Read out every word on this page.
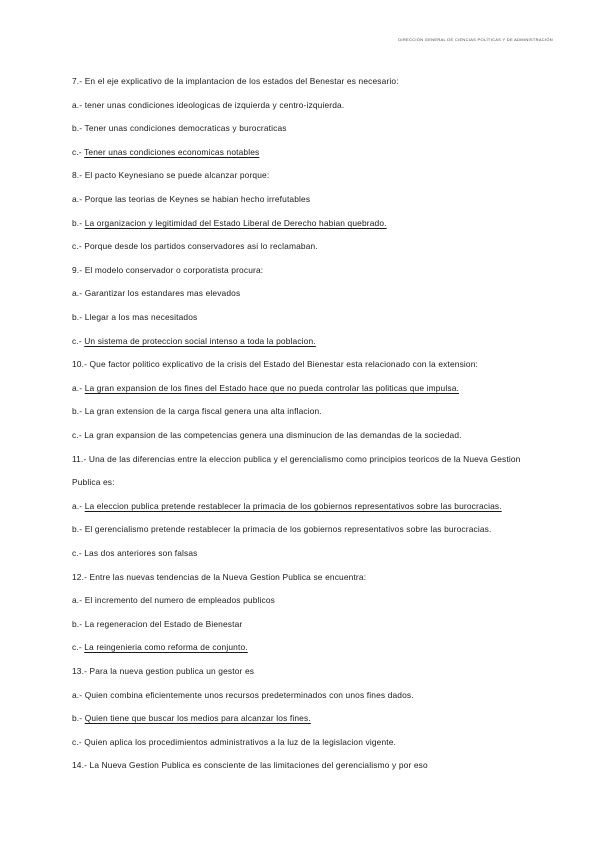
DIRECCIÓN GENERAL DE CIENCIAS POLÍTICAS Y DE ADMINISTRACIÓN
7.- En el eje explicativo de la implantacion de los estados del Benestar es necesario:
a.- tener unas condiciones ideologicas de izquierda y centro-izquierda.
b.- Tener unas condiciones democraticas y burocraticas
c.- Tener unas condiciones economicas notables
8.- El pacto Keynesiano se puede alcanzar porque:
a.- Porque las teorias de Keynes se habian hecho irrefutables
b.- La organizacion y legitimidad del Estado Liberal de Derecho habian quebrado.
c.- Porque desde los partidos conservadores asi lo reclamaban.
9.- El modelo conservador o corporatista procura:
a.- Garantizar los estandares mas elevados
b.- Llegar a los mas necesitados
c.- Un sistema de proteccion social intenso a toda la poblacion.
10.- Que factor politico explicativo de la crisis del Estado del Bienestar esta relacionado con la extension:
a.- La gran expansion de los fines del Estado hace que no pueda controlar las politicas que impulsa.
b.- La gran extension de la carga fiscal genera una alta inflacion.
c.- La gran expansion de las competencias genera una disminucion de las demandas de la sociedad.
11.- Una de las diferencias entre la eleccion publica y el gerencialismo como principios teoricos de la Nueva Gestion
Publica es:
a.- La eleccion publica pretende restablecer la primacia de los gobiernos representativos sobre las burocracias.
b.- El gerencialismo pretende restablecer la primacia de los gobiernos representativos sobre las burocracias.
c.- Las dos anteriores son falsas
12.- Entre las nuevas tendencias de la Nueva Gestion Publica se encuentra:
a.- El incremento del numero de empleados publicos
b.- La regeneracion del Estado de Bienestar
c.- La reingenieria como reforma de conjunto.
13.- Para la nueva gestion publica un gestor es
a.- Quien combina eficientemente unos recursos predeterminados con unos fines dados.
b.- Quien tiene que buscar los medios para alcanzar los fines.
c.- Quien aplica los procedimientos administrativos a la luz de la legislacion vigente.
14.- La Nueva Gestion Publica es consciente de las limitaciones del gerencialismo y por eso
